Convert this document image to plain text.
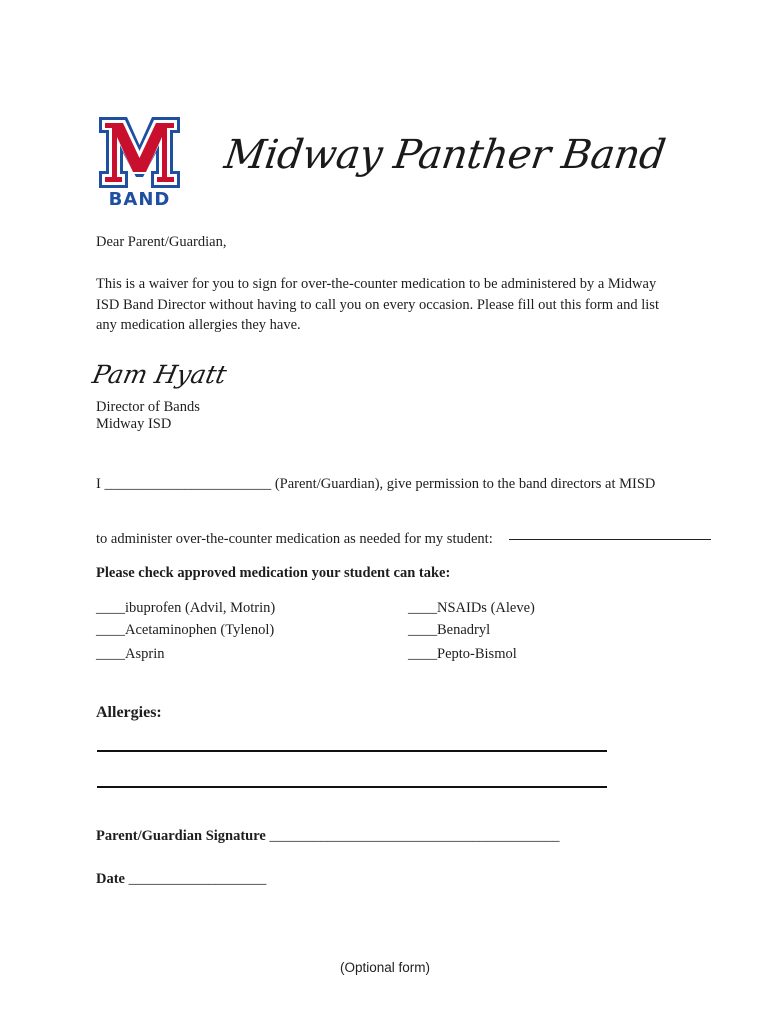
BAND
Midway Panther Band
Dear Parent/Guardian,
This is a waiver for you to sign for over-the-counter medication to be administered by a Midway
ISD Band Director without having to call you on every occasion. Please fill out this form and list
any medication allergies they have.
Pam Hyatt
Director of Bands
Midway ISD
I _______________________ (Parent/Guardian), give permission to the band directors at MISD
to administer over-the-counter medication as needed for my student:
Please check approved medication your student can take:
____ibuprofen (Advil, Motrin)
____Acetaminophen (Tylenol)
____Asprin
____NSAIDs (Aleve)
____Benadryl
____Pepto-Bismol
Allergies:
Parent/Guardian Signature ________________________________________
Date ___________________
(Optional form)
